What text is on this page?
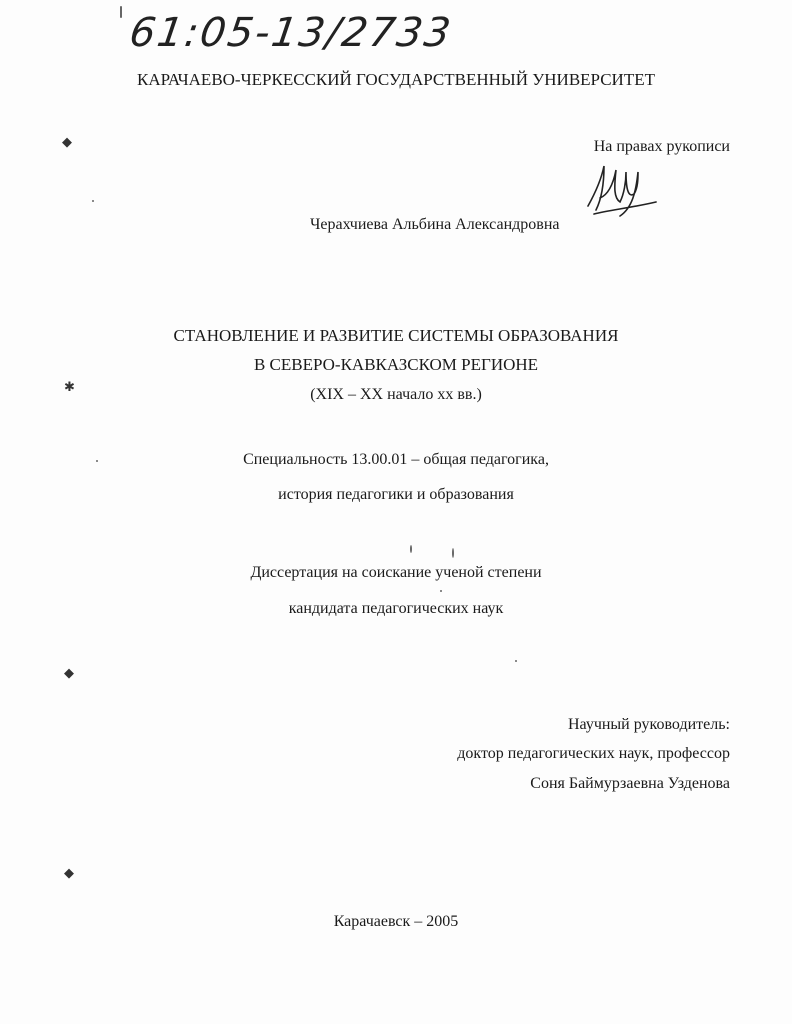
61:05-13/2733
КАРАЧАЕВО-ЧЕРКЕССКИЙ ГОСУДАРСТВЕННЫЙ УНИВЕРСИТЕТ
На правах рукописи
Черахчиева Альбина Александровна
СТАНОВЛЕНИЕ И РАЗВИТИЕ СИСТЕМЫ ОБРАЗОВАНИЯ
В СЕВЕРО-КАВКАЗСКОМ РЕГИОНЕ
(XIX – XX начало хх вв.)
Специальность 13.00.01 – общая педагогика,
история педагогики и образования
Диссертация на соискание ученой степени
кандидата педагогических наук
Научный руководитель:
доктор педагогических наук, профессор
Соня Баймурзаевна Узденова
Карачаевск – 2005
◆
✱
◆
◆
